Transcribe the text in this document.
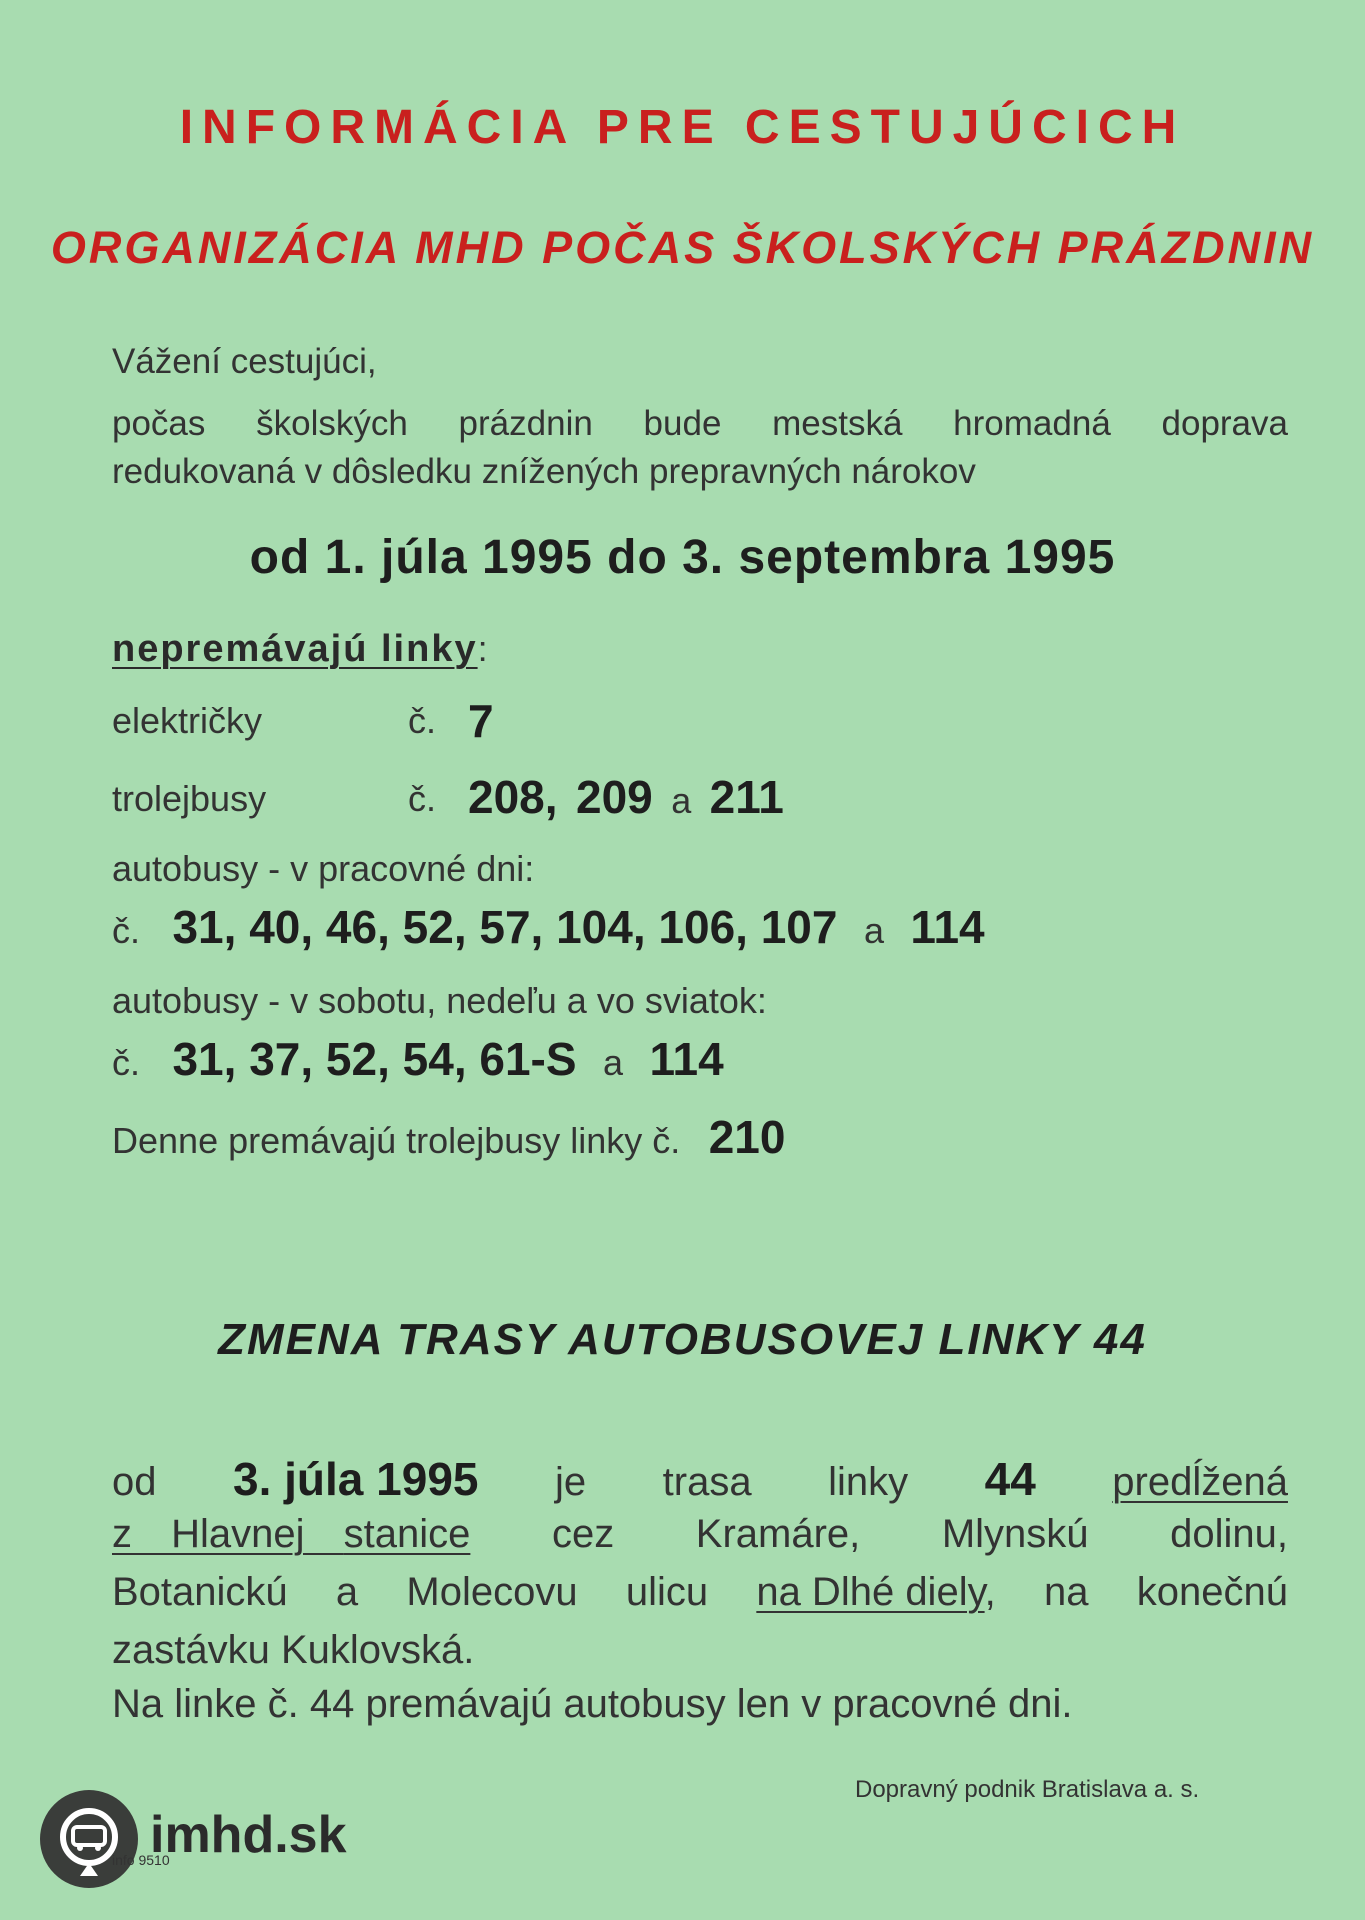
INFORMÁCIA PRE CESTUJÚCICH
ORGANIZÁCIA MHD POČAS ŠKOLSKÝCH PRÁZDNIN
Vážení cestujúci,
počas školských prázdnin bude mestská hromadná doprava
redukovaná v dôsledku znížených prepravných nárokov
od 1. júla 1995 do 3. septembra 1995
nepremávajú linky:
električky	č. 7
trolejbusy	č. 208, 209 a 211
autobusy - v pracovné dni:
č. 31, 40, 46, 52, 57, 104, 106, 107 a 114
autobusy - v sobotu, nedeľu a vo sviatok:
č. 31, 37, 52, 54, 61-S a 114
Denne premávajú trolejbusy linky č. 210
ZMENA TRASY AUTOBUSOVEJ LINKY 44
od 3. júla 1995 je trasa linky 44 predĺžená
z Hlavnej stanice cez Kramáre, Mlynskú dolinu,
Botanickú a Molecovu ulicu na Dlhé diely, na konečnú
zastávku Kuklovská.
Na linke č. 44 premávajú autobusy len v pracovné dni.
Dopravný podnik Bratislava a. s.
imhd.sk
info 9510
